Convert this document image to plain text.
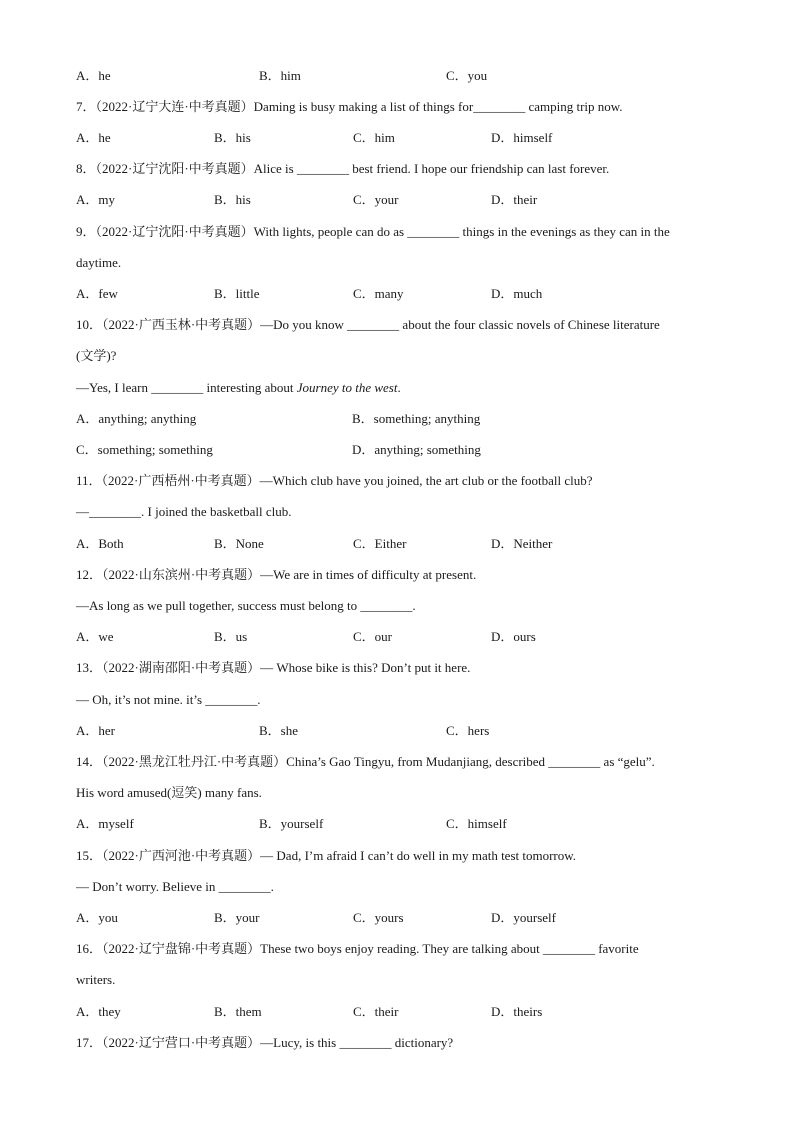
A．he	B．him	C．you
7．（2022·辽宁大连·中考真题）Daming is busy making a list of things for________ camping trip now.
A．he	B．his	C．him	D．himself
8．（2022·辽宁沈阳·中考真题）Alice is ________ best friend. I hope our friendship can last forever.
A．my	B．his	C．your	D．their
9．（2022·辽宁沈阳·中考真题）With lights, people can do as ________ things in the evenings as they can in the
daytime.
A．few	B．little	C．many	D．much
10．（2022·广西玉林·中考真题）—Do you know ________ about the four classic novels of Chinese literature
(文学)?
—Yes, I learn ________ interesting about Journey to the west.
A．anything; anything	B．something; anything
C．something; something	D．anything; something
11．（2022·广西梧州·中考真题）—Which club have you joined, the art club or the football club?
—________. I joined the basketball club.
A．Both	B．None	C．Either	D．Neither
12．（2022·山东滨州·中考真题）—We are in times of difficulty at present.
—As long as we pull together, success must belong to ________.
A．we	B．us	C．our	D．ours
13．（2022·湖南邵阳·中考真题）— Whose bike is this? Don’t put it here.
— Oh, it’s not mine. it’s ________.
A．her	B．she	C．hers
14．（2022·黑龙江牡丹江·中考真题）China’s Gao Tingyu, from Mudanjiang, described ________ as “gelu”.
His word amused(逗笑) many fans.
A．myself	B．yourself	C．himself
15．（2022·广西河池·中考真题）— Dad, I’m afraid I can’t do well in my math test tomorrow.
— Don’t worry. Believe in ________.
A．you	B．your	C．yours	D．yourself
16．（2022·辽宁盘锦·中考真题）These two boys enjoy reading. They are talking about ________ favorite
writers.
A．they	B．them	C．their	D．theirs
17．（2022·辽宁营口·中考真题）—Lucy, is this ________ dictionary?
